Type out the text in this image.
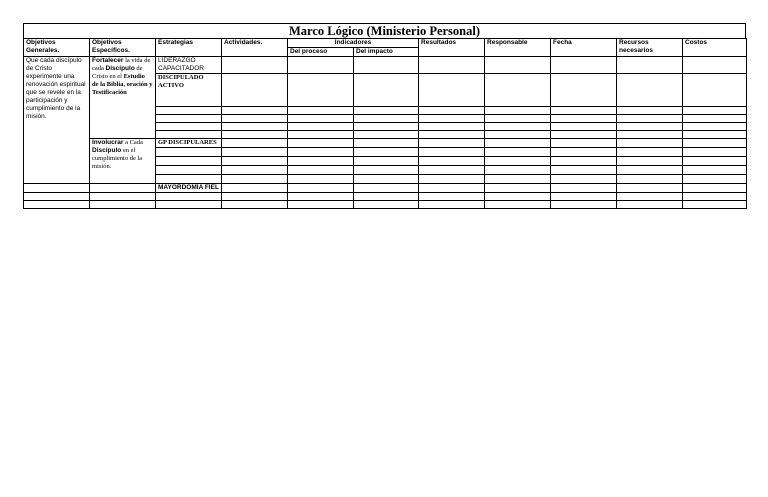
Marco Lógico (Ministerio Personal)
Objetivos Generales.	Objetivos Específicos.	Estrategias	Actividades.	Indicadores		Resultados	Responsable	Fecha	Recursos necesarios	Costos
				Del proceso	Del impacto					
Que cada discípulo de Cristo experimente una renovación espiritual que se revele en la participación y cumplimiento de la misión.	Fortalecer la vida de cada Discípulo de Cristo en el Estudio de la Biblia, oración y Testificación	LIDERAZGO CAPACITADOR								
		DISCIPULADO ACTIVO								

	Involucrar a Cada Discípulo en el cumplimiento de la misión.	GP DISCIPULARES								

		MAYORDOMÍA FIEL								
